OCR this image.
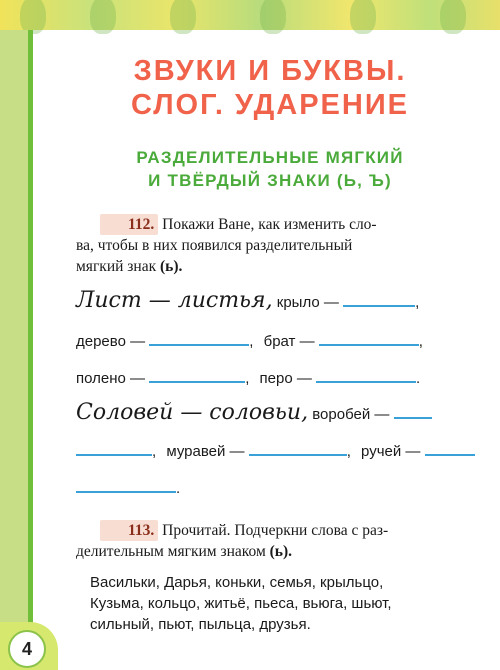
ЗВУКИ И БУКВЫ.
СЛОГ. УДАРЕНИЕ
РАЗДЕЛИТЕЛЬНЫЕ МЯГКИЙ
И ТВЁРДЫЙ ЗНАКИ (Ь, Ъ)
112. Покажи Ване, как изменить сло-
ва, чтобы в них появился разделительный
мягкий знак (ь).
Лист — листья, крыло —	,
дерево —	, брат —	,
полено —	, перо —	.
Соловей — соловьи, воробей —
, муравей —	, ручей —
.
113. Прочитай. Подчеркни слова с раз-
делительным мягким знаком (ь).
Васильки, Дарья, коньки, семья, крыльцо,
Кузьма, кольцо, житьё, пьеса, вьюга, шьют,
сильный, пьют, пыльца, друзья.
4
